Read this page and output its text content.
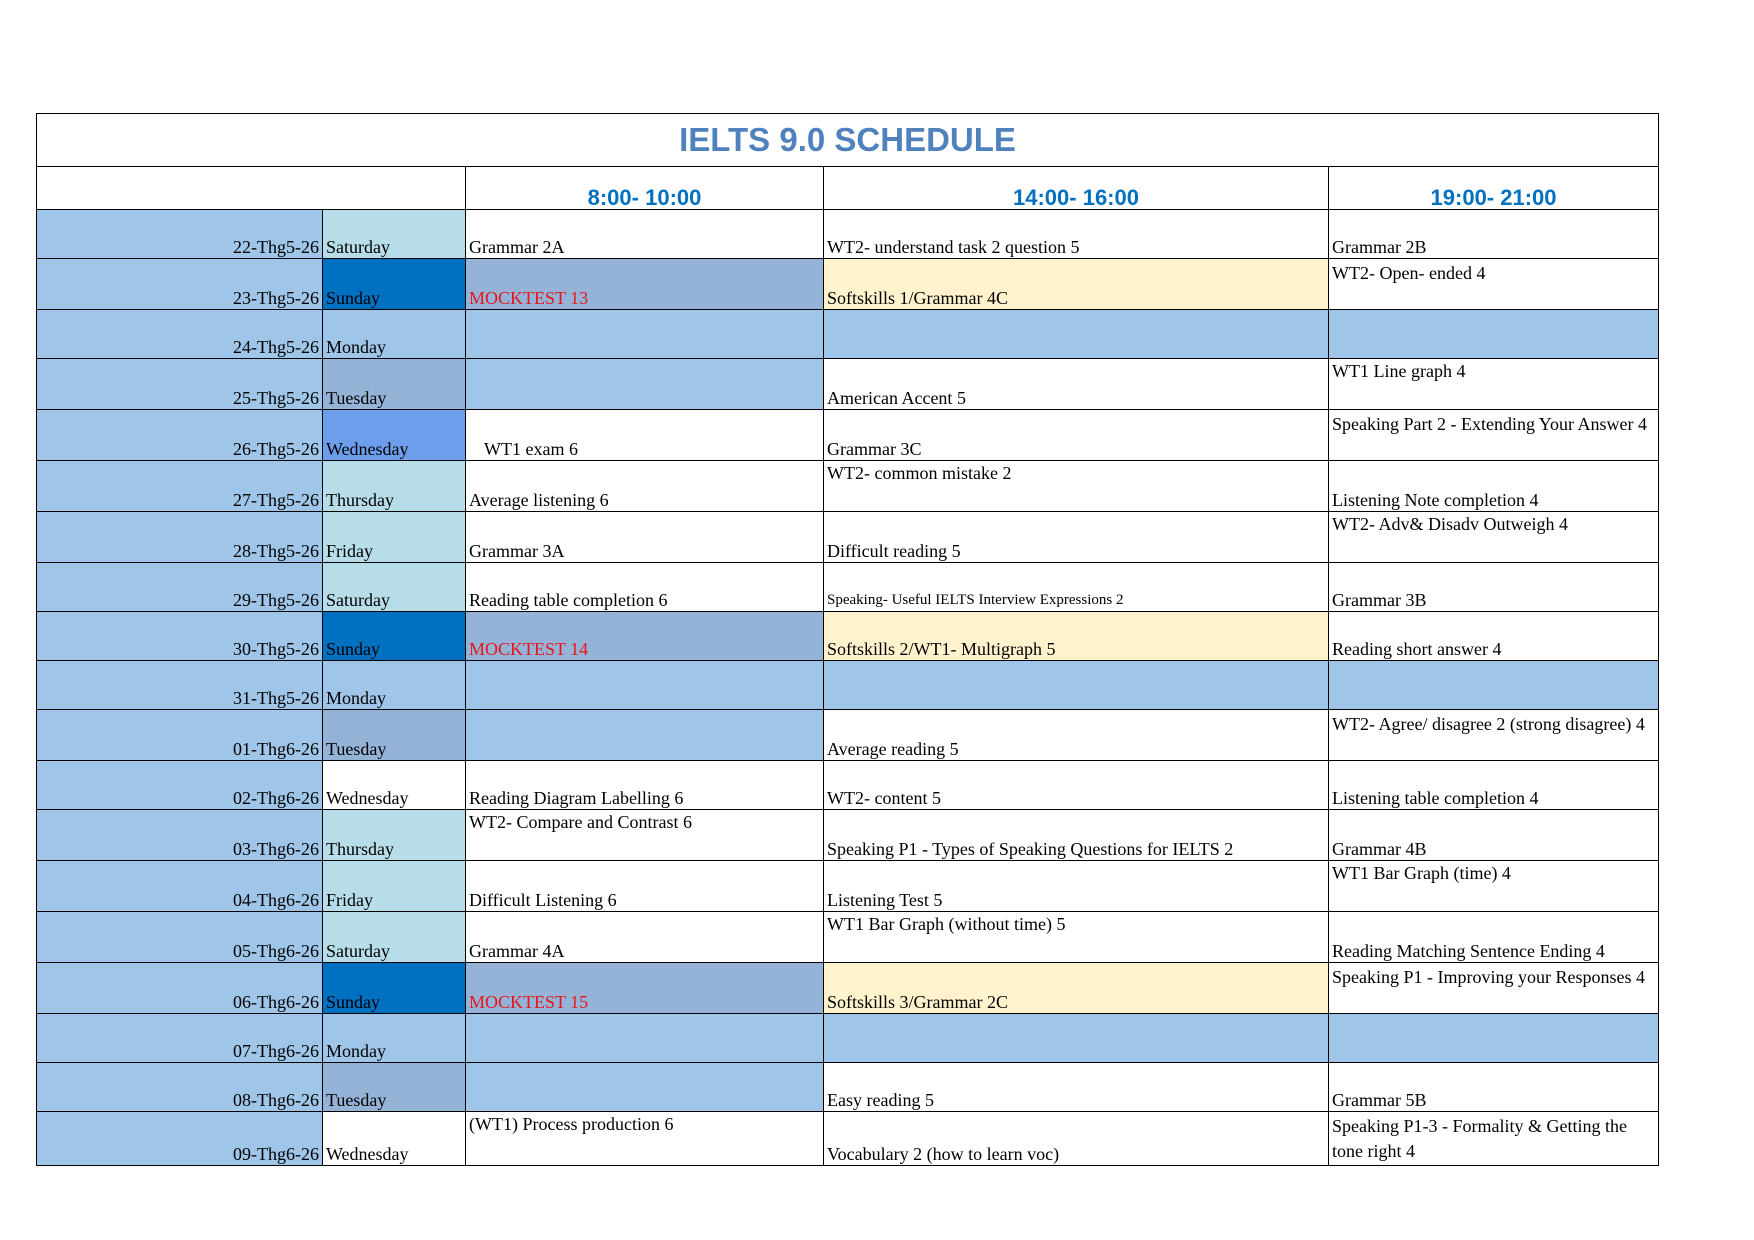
IELTS 9.0 SCHEDULE				
		8:00- 10:00	14:00- 16:00	19:00- 21:00
22-Thg5-26	Saturday	Grammar 2A	WT2- understand task 2 question 5	Grammar 2B
23-Thg5-26	Sunday	MOCKTEST 13	Softskills 1/Grammar 4C	WT2- Open- ended 4
24-Thg5-26	Monday			
25-Thg5-26	Tuesday		American Accent 5	WT1 Line graph 4
26-Thg5-26	Wednesday	WT1 exam 6	Grammar 3C	Speaking Part 2 - Extending Your Answer 4
27-Thg5-26	Thursday	Average listening 6	WT2- common mistake 2	Listening Note completion 4
28-Thg5-26	Friday	Grammar 3A	Difficult reading 5	WT2- Adv& Disadv Outweigh 4
29-Thg5-26	Saturday	Reading table completion 6	Speaking- Useful IELTS Interview Expressions 2	Grammar 3B
30-Thg5-26	Sunday	MOCKTEST 14	Softskills 2/WT1- Multigraph 5	Reading short answer 4
31-Thg5-26	Monday			
01-Thg6-26	Tuesday		Average reading 5	WT2- Agree/ disagree 2 (strong disagree) 4
02-Thg6-26	Wednesday	Reading Diagram Labelling 6	WT2- content 5	Listening table completion 4
03-Thg6-26	Thursday	WT2- Compare and Contrast 6	Speaking P1 - Types of Speaking Questions for IELTS 2	Grammar 4B
04-Thg6-26	Friday	Difficult Listening 6	Listening Test 5	WT1 Bar Graph (time) 4
05-Thg6-26	Saturday	Grammar 4A	WT1 Bar Graph (without time) 5	Reading Matching Sentence Ending 4
06-Thg6-26	Sunday	MOCKTEST 15	Softskills 3/Grammar 2C	Speaking P1 - Improving your Responses 4
07-Thg6-26	Monday			
08-Thg6-26	Tuesday		Easy reading 5	Grammar 5B
09-Thg6-26	Wednesday	(WT1) Process production 6	Vocabulary 2 (how to learn voc)	Speaking P1-3 - Formality & Getting the tone right 4
